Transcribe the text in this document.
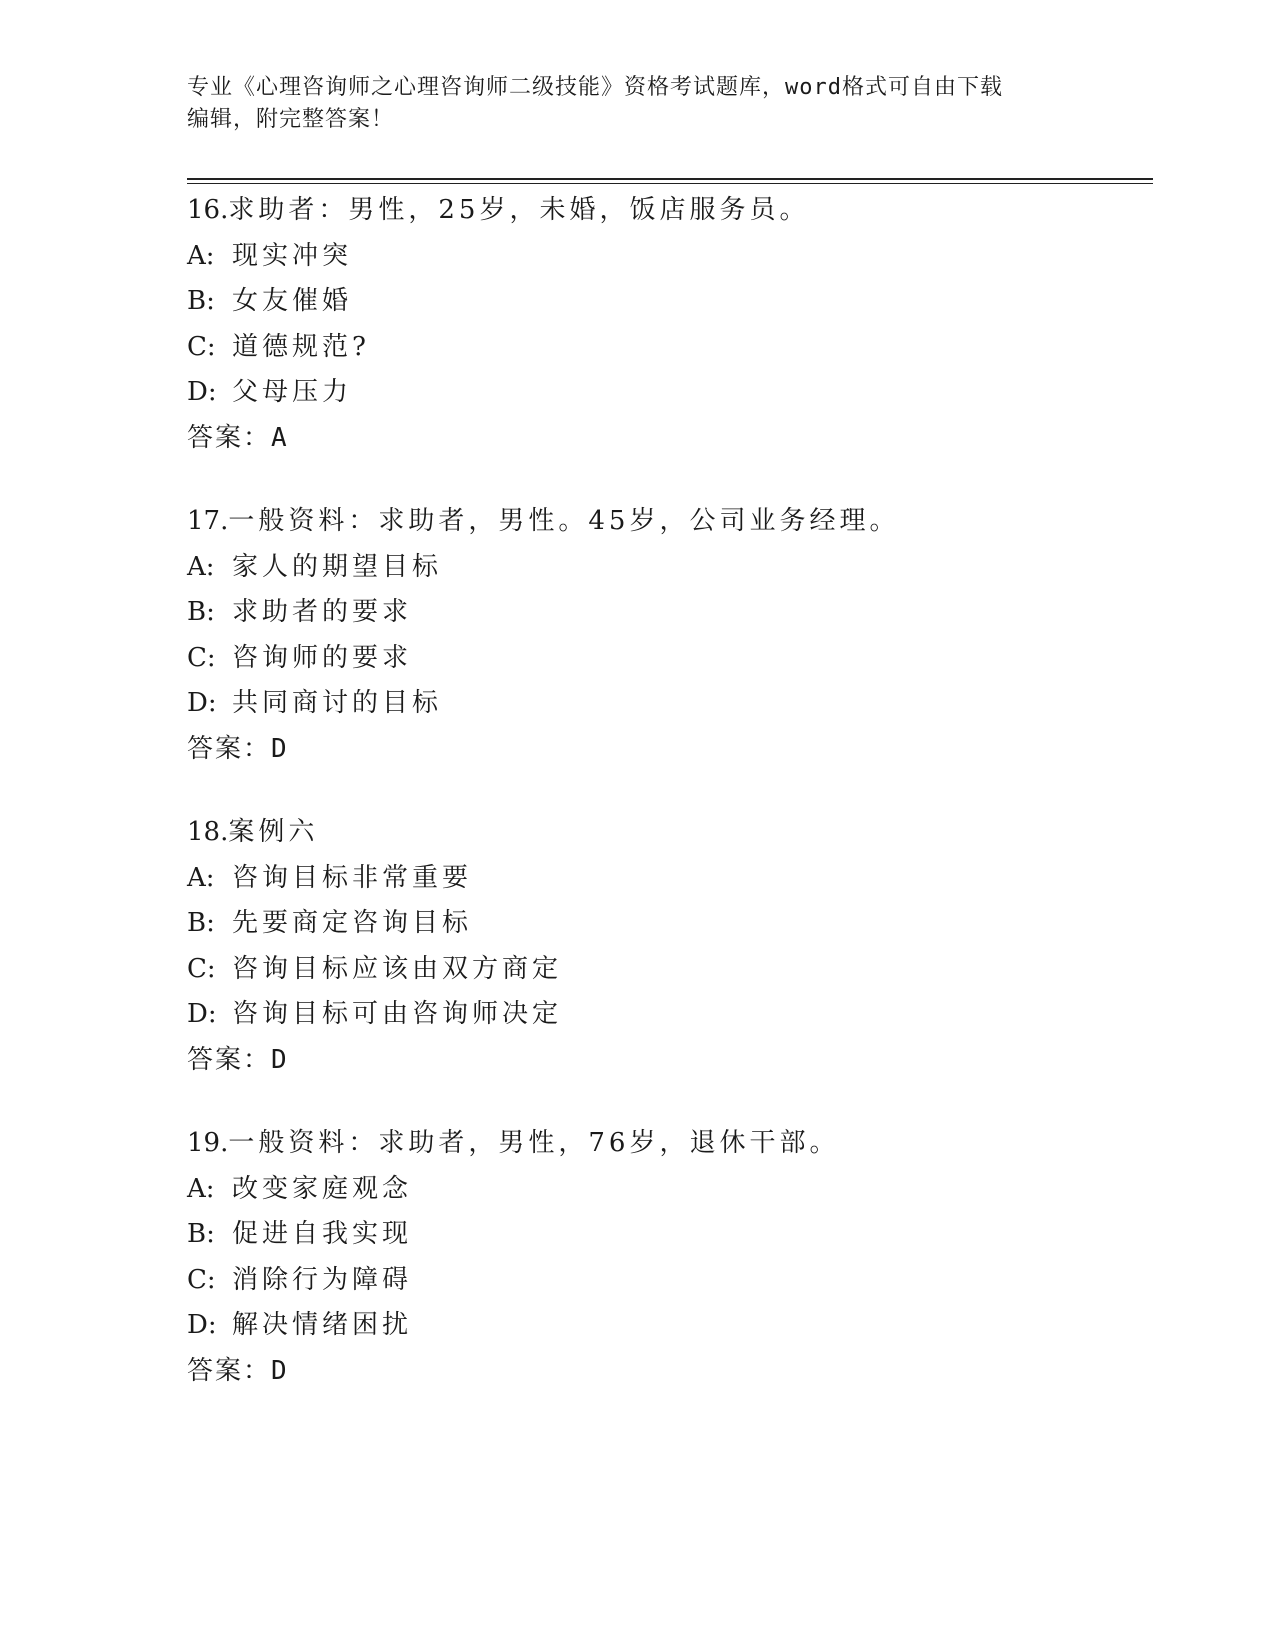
专业《心理咨询师之心理咨询师二级技能》资格考试题库，word格式可自由下载
编辑，附完整答案！
16.求助者：男性，25岁，未婚，饭店服务员。
A: 现实冲突
B: 女友催婚
C: 道德规范?
D: 父母压力
答案：A
17.一般资料：求助者，男性。45岁，公司业务经理。
A: 家人的期望目标
B: 求助者的要求
C: 咨询师的要求
D: 共同商讨的目标
答案：D
18.案例六
A: 咨询目标非常重要
B: 先要商定咨询目标
C: 咨询目标应该由双方商定
D: 咨询目标可由咨询师决定
答案：D
19.一般资料：求助者，男性，76岁，退休干部。
A: 改变家庭观念
B: 促进自我实现
C: 消除行为障碍
D: 解决情绪困扰
答案：D
